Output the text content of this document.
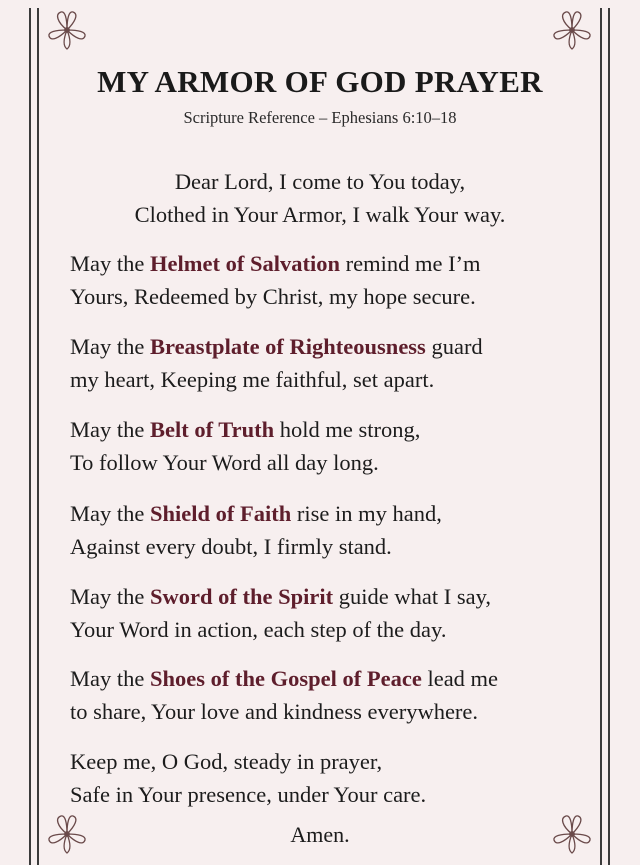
MY ARMOR OF GOD PRAYER
Scripture Reference – Ephesians 6:10–18
Dear Lord, I come to You today,
Clothed in Your Armor, I walk Your way.

May the Helmet of Salvation remind me I’m
Yours, Redeemed by Christ, my hope secure.

May the Breastplate of Righteousness guard
my heart, Keeping me faithful, set apart.

May the Belt of Truth hold me strong,
To follow Your Word all day long.

May the Shield of Faith rise in my hand,
Against every doubt, I firmly stand.

May the Sword of the Spirit guide what I say,
Your Word in action, each step of the day.

May the Shoes of the Gospel of Peace lead me
to share, Your love and kindness everywhere.

Keep me, O God, steady in prayer,
Safe in Your presence, under Your care.

Amen.
